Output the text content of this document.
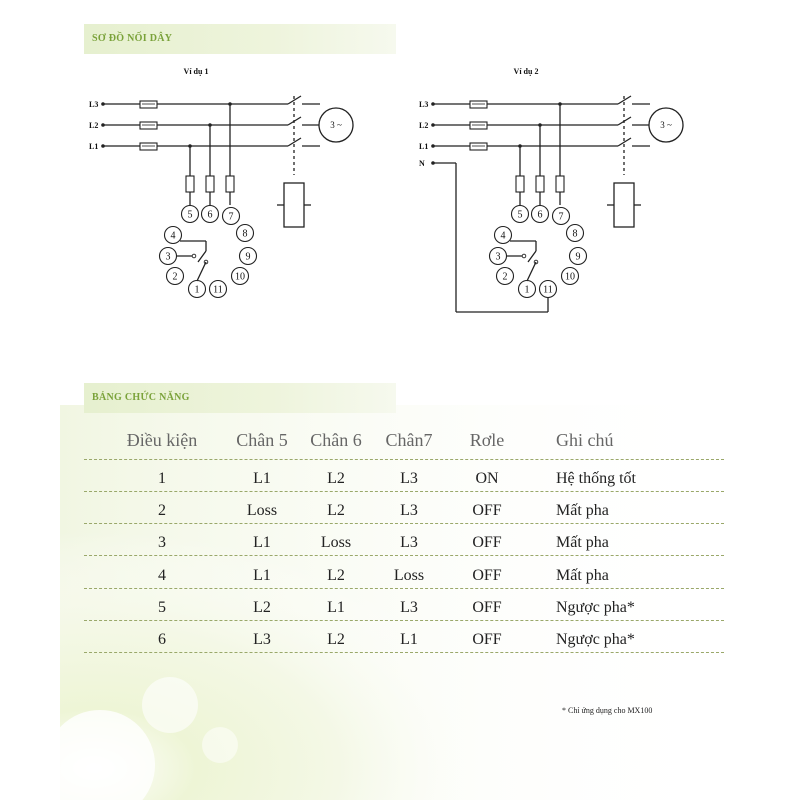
SƠ ĐỒ NỐI DÂY
BẢNG CHỨC NĂNG
Ví dụ 1
L3
L2
L1
3 ~
5 6 7
8
9
10
11
1
2
3
4
Ví dụ 2
L3
L2
L1
3 ~
5 6 7
8
9
10
11
1
2
3
4
N
Điều kiện	Chân 5	Chân 6	Chân7	Rơle	Ghi chú
1	L1	L2	L3	ON	Hệ thống tốt
2	Loss	L2	L3	OFF	Mất pha
3	L1	Loss	L3	OFF	Mất pha
4	L1	L2	Loss	OFF	Mất pha
5	L2	L1	L3	OFF	Ngược pha*
6	L3	L2	L1	OFF	Ngược pha*
* Chỉ ứng dụng cho MX100
